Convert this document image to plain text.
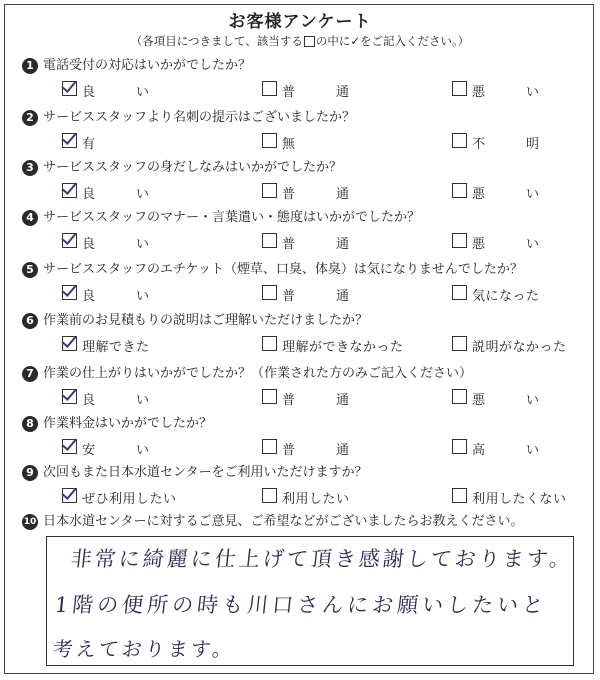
お客様アンケート
（各項目につきまして、該当する の中に✓をご記入ください。）
1 電話受付の対応はいかがでしたか？
良　　　い	普　　　通	悪　　　い
2 サービススタッフより名刺の提示はございましたか？
有	無	不　　　明
3 サービススタッフの身だしなみはいかがでしたか？
良　　　い	普　　　通	悪　　　い
4 サービススタッフのマナー・言葉遣い・態度はいかがでしたか？
良　　　い	普　　　通	悪　　　い
5 サービススタッフのエチケット（煙草、口臭、体臭）は気になりませんでしたか？
良　　　い	普　　　通	気になった
6 作業前のお見積もりの説明はご理解いただけましたか？
理解できた	理解ができなかった	説明がなかった
7 作業の仕上がりはいかがでしたか？（作業された方のみご記入ください）
良　　　い	普　　　通	悪　　　い
8 作業料金はいかがでしたか？
安　　　い	普　　　通	高　　　い
9 次回もまた日本水道センターをご利用いただけますか？
ぜひ利用したい	利用したい	利用したくない
10 日本水道センターに対するご意見、ご希望などがございましたらお教えください。
非常に綺麗に仕上げて頂き感謝しております。
1階の便所の時も川口さんにお願いしたいと
考えております。
